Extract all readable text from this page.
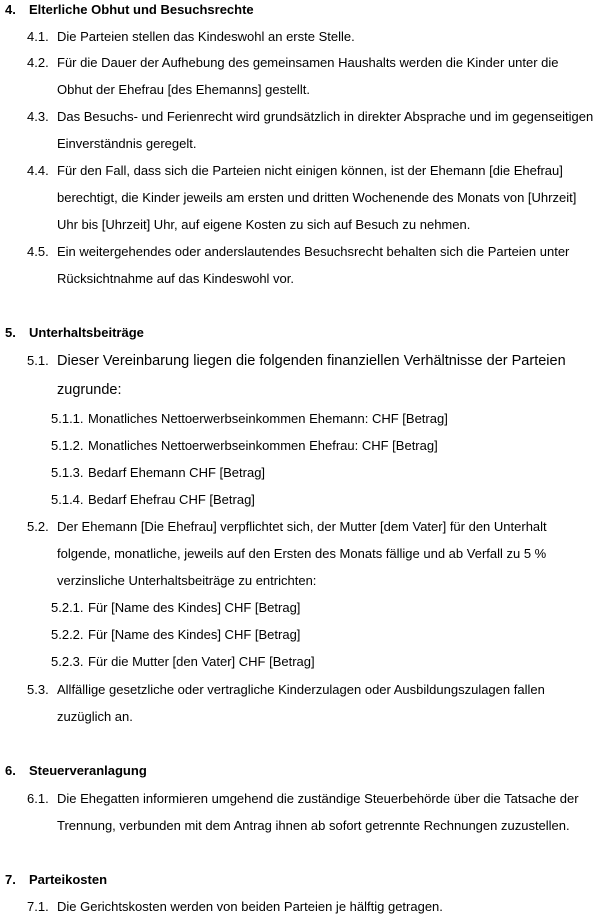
4. Elterliche Obhut und Besuchsrechte
4.1. Die Parteien stellen das Kindeswohl an erste Stelle.
4.2. Für die Dauer der Aufhebung des gemeinsamen Haushalts werden die Kinder unter die
Obhut der Ehefrau [des Ehemanns] gestellt.
4.3. Das Besuchs- und Ferienrecht wird grundsätzlich in direkter Absprache und im gegenseitigen
Einverständnis geregelt.
4.4. Für den Fall, dass sich die Parteien nicht einigen können, ist der Ehemann [die Ehefrau]
berechtigt, die Kinder jeweils am ersten und dritten Wochenende des Monats von [Uhrzeit]
Uhr bis [Uhrzeit] Uhr, auf eigene Kosten zu sich auf Besuch zu nehmen.
4.5. Ein weitergehendes oder anderslautendes Besuchsrecht behalten sich die Parteien unter
Rücksichtnahme auf das Kindeswohl vor.
5. Unterhaltsbeiträge
5.1. Dieser Vereinbarung liegen die folgenden finanziellen Verhältnisse der Parteien
zugrunde:
5.1.1. Monatliches Nettoerwerbseinkommen Ehemann: CHF [Betrag]
5.1.2. Monatliches Nettoerwerbseinkommen Ehefrau: CHF [Betrag]
5.1.3. Bedarf Ehemann CHF [Betrag]
5.1.4. Bedarf Ehefrau CHF [Betrag]
5.2. Der Ehemann [Die Ehefrau] verpflichtet sich, der Mutter [dem Vater] für den Unterhalt
folgende, monatliche, jeweils auf den Ersten des Monats fällige und ab Verfall zu 5 %
verzinsliche Unterhaltsbeiträge zu entrichten:
5.2.1. Für [Name des Kindes] CHF [Betrag]
5.2.2. Für [Name des Kindes] CHF [Betrag]
5.2.3. Für die Mutter [den Vater] CHF [Betrag]
5.3. Allfällige gesetzliche oder vertragliche Kinderzulagen oder Ausbildungszulagen fallen
zuzüglich an.
6. Steuerveranlagung
6.1. Die Ehegatten informieren umgehend die zuständige Steuerbehörde über die Tatsache der
Trennung, verbunden mit dem Antrag ihnen ab sofort getrennte Rechnungen zuzustellen.
7. Parteikosten
7.1. Die Gerichtskosten werden von beiden Parteien je hälftig getragen.
